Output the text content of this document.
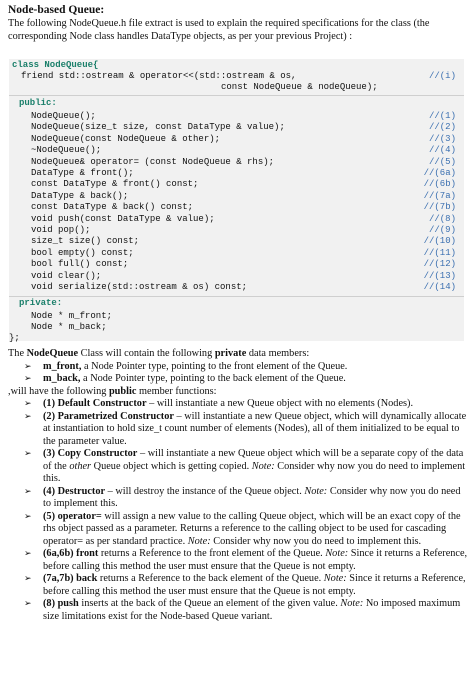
Node-based Queue:
The following NodeQueue.h file extract is used to explain the required specifications for the class (the corresponding Node class handles DataType objects, as per your previous Project) :
class NodeQueue{
friend std::ostream & operator<<(std::ostream & os,	//(i)
const NodeQueue & nodeQueue);
public:
NodeQueue();	//(1)
NodeQueue(size_t size, const DataType & value);	//(2)
NodeQueue(const NodeQueue & other);	//(3)
~NodeQueue();	//(4)
NodeQueue& operator= (const NodeQueue & rhs);	//(5)
DataType & front();	//(6a)
const DataType & front() const;	//(6b)
DataType & back();	//(7a)
const DataType & back() const;	//(7b)
void push(const DataType & value);	//(8)
void pop();	//(9)
size_t size() const;	//(10)
bool empty() const;	//(11)
bool full() const;	//(12)
void clear();	//(13)
void serialize(std::ostream & os) const;	//(14)
private:
Node * m_front;
Node * m_back;
};

The NodeQueue Class will contain the following private data members:

➢ m_front, a Node Pointer type, pointing to the front element of the Queue.

➢ m_back, a Node Pointer type, pointing to the back element of the Queue.

,will have the following public member functions:

➢ (1) Default Constructor – will instantiate a new Queue object with no elements (Nodes).

➢ (2) Parametrized Constructor – will instantiate a new Queue object, which will dynamically allocate at instantiation to hold size_t count number of elements (Nodes), all of them initialized to be equal to the parameter value.

➢ (3) Copy Constructor – will instantiate a new Queue object which will be a separate copy of the data of the other Queue object which is getting copied. Note: Consider why now you do need to implement this.

➢ (4) Destructor – will destroy the instance of the Queue object. Note: Consider why now you do need to implement this.

➢ (5) operator= will assign a new value to the calling Queue object, which will be an exact copy of the rhs object passed as a parameter. Returns a reference to the calling object to be used for cascading operator= as per standard practice. Note: Consider why now you do need to implement this.

➢ (6a,6b) front returns a Reference to the front element of the Queue. Note: Since it returns a Reference, before calling this method the user must ensure that the Queue is not empty.

➢ (7a,7b) back returns a Reference to the back element of the Queue. Note: Since it returns a Reference, before calling this method the user must ensure that the Queue is not empty.

➢ (8) push inserts at the back of the Queue an element of the given value. Note: No imposed maximum size limitations exist for the Node-based Queue variant.
